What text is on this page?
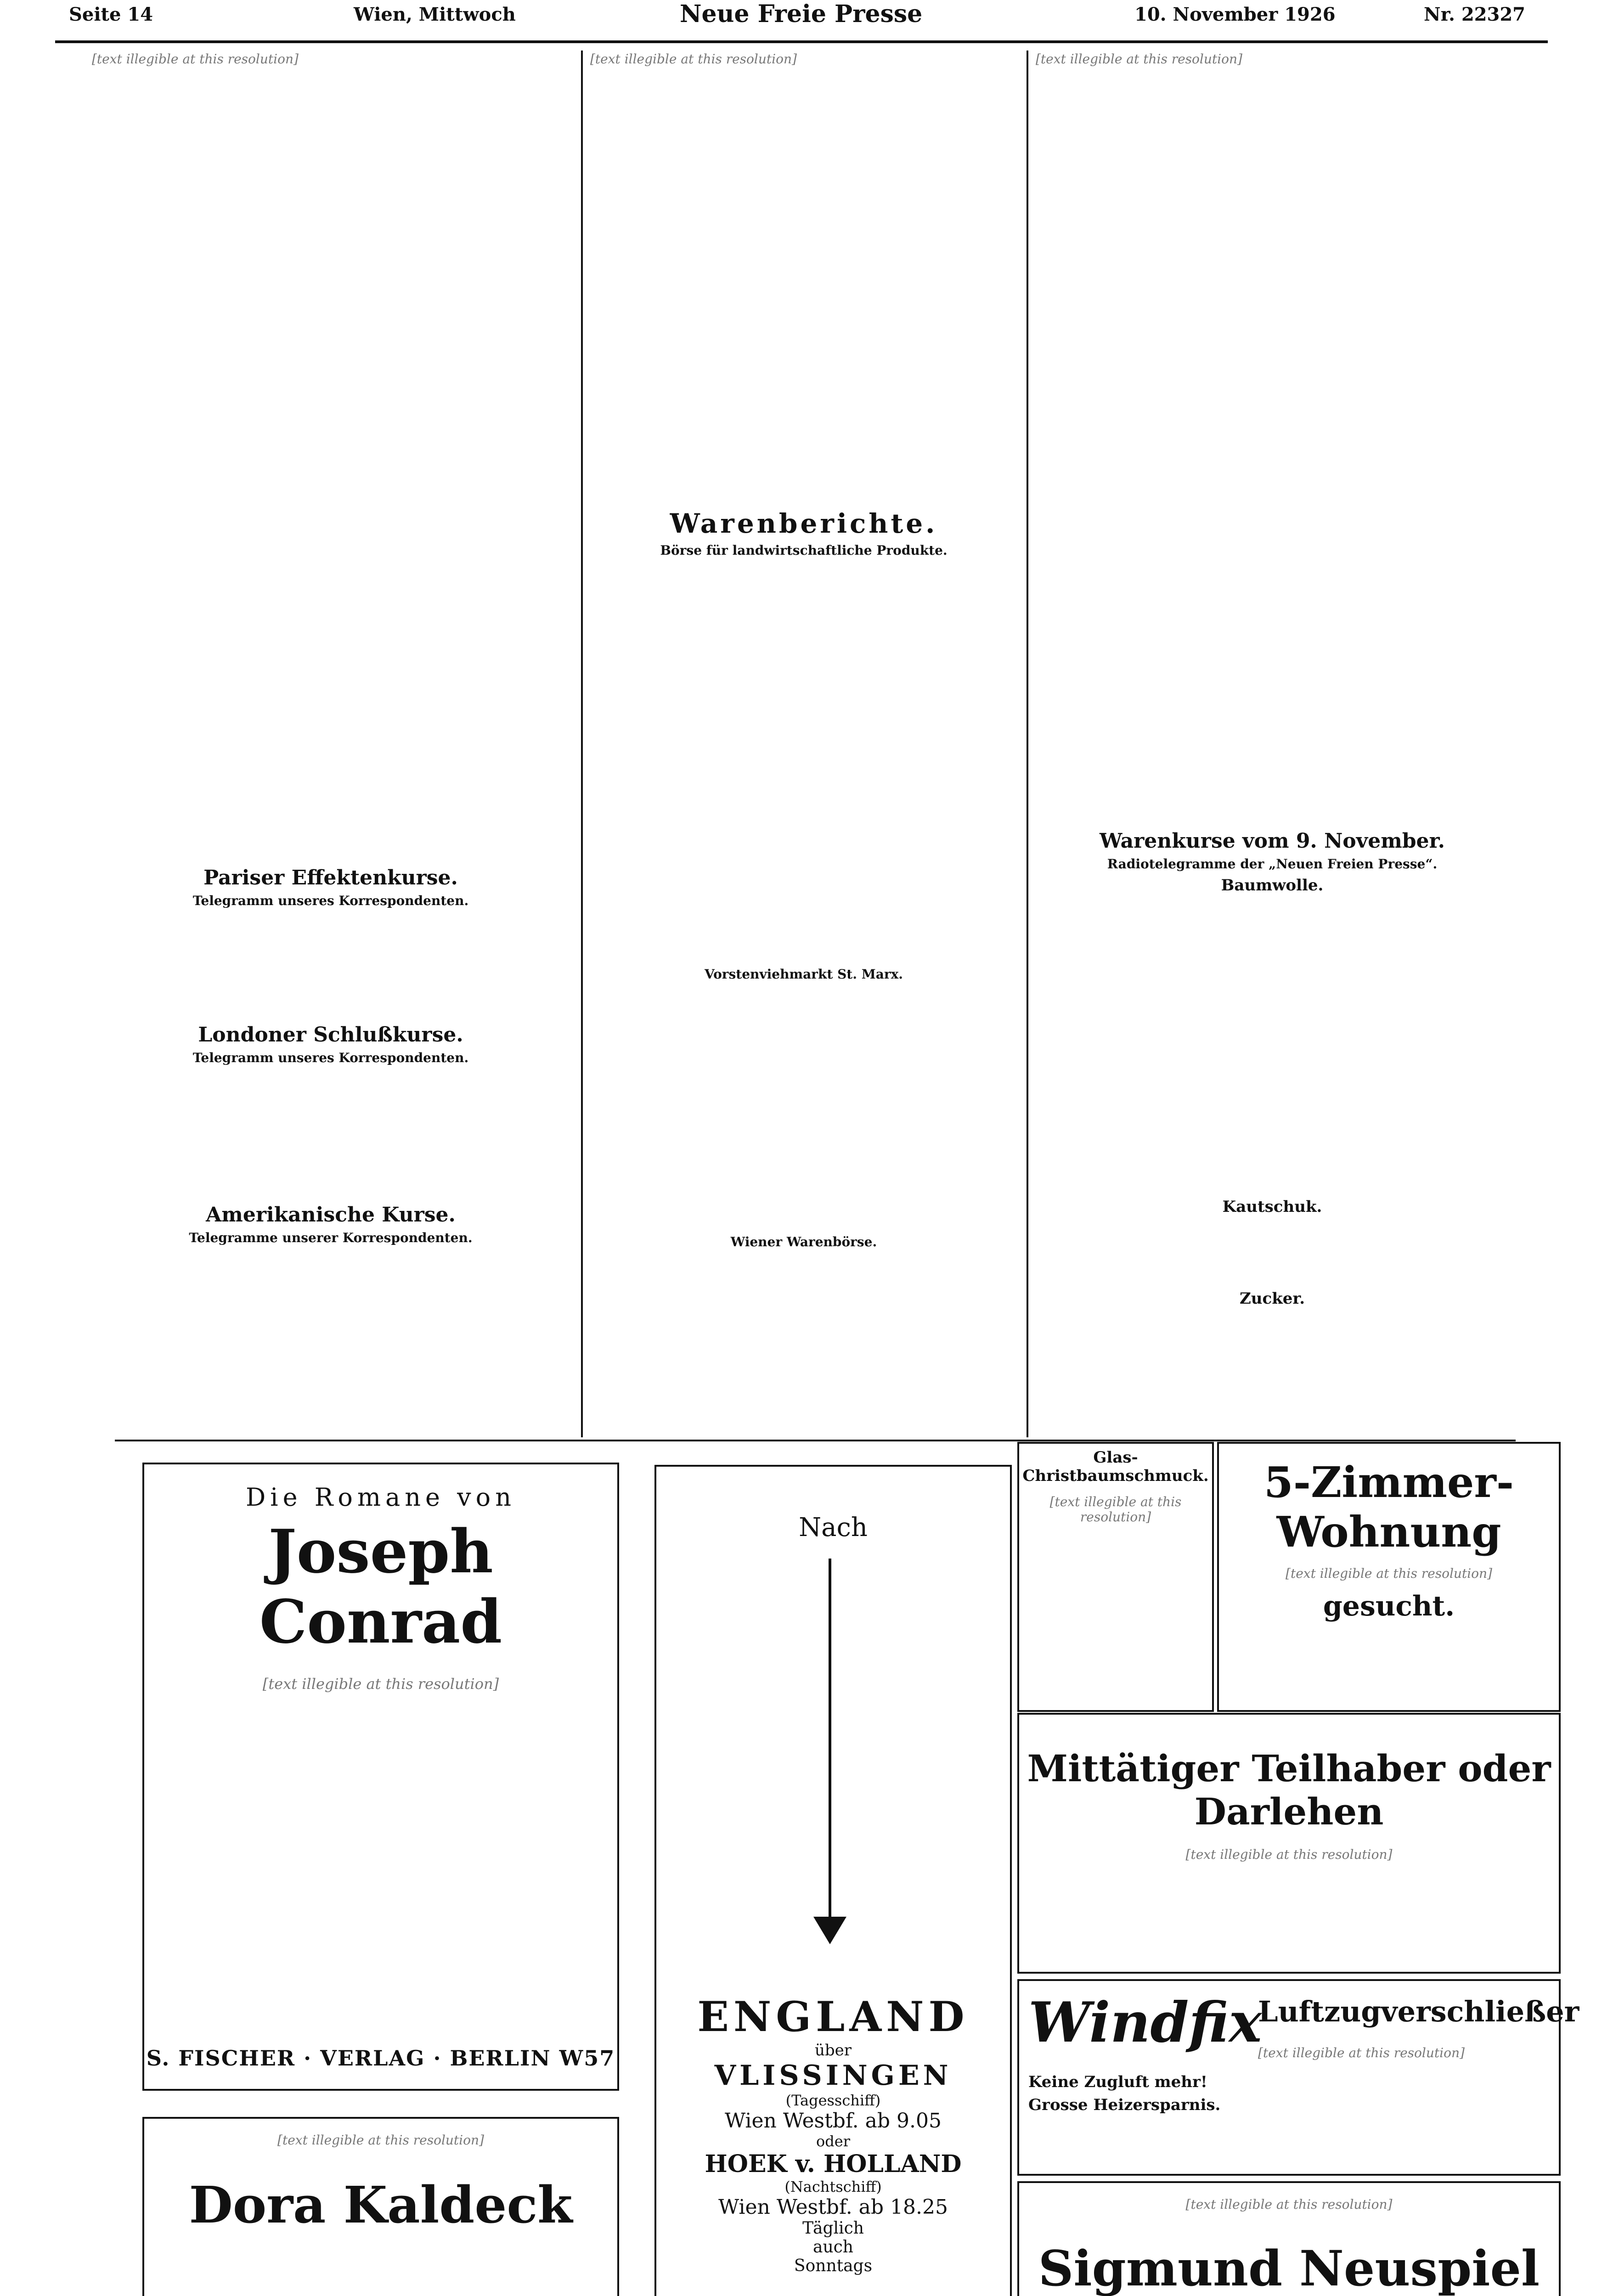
Seite 14	Wien, Mittwoch	Neue Freie Presse	10. November 1926	Nr. 22327

[text illegible at this resolution]

Pariser Effektenkurse.
Telegramm unseres Korrespondenten.
Londoner Schlußkurse.
Telegramm unseres Korrespondenten.
Amerikanische Kurse.
Telegramme unserer Korrespondenten.

[text illegible at this resolution]

Warenberichte.
Börse für landwirtschaftliche Produkte.
Vorstenviehmarkt St. Marx.
Wiener Warenbörse.

[text illegible at this resolution]

Warenkurse vom 9. November.
Radiotelegramme der „Neuen Freien Presse“.
Baumwolle.
Kautschuk.
Zucker.
Die Romane von
Joseph Conrad
[text illegible at this resolution]
S. FISCHER · VERLAG · BERLIN W57
Nach
ENGLAND
über
VLISSINGEN
(Tagesschiff)
Wien Westbf. ab 9.05
oder
HOEK v. HOLLAND
(Nachtschiff)
Wien Westbf. ab 18.25
Täglich
auch
Sonntags
Glas-Christbaumschmuck.
[text illegible at this resolution]
5-Zimmer-Wohnung
[text illegible at this resolution]
gesucht.
Mittätiger Teilhaber oder Darlehen
[text illegible at this resolution]
Windfix
Luftzugverschließer
Keine Zugluft mehr!
Grosse Heizersparnis.
[text illegible at this resolution]
[text illegible at this resolution]
Dora Kaldeck	[text illegible at this resolution]
Sigmund Neuspiel
